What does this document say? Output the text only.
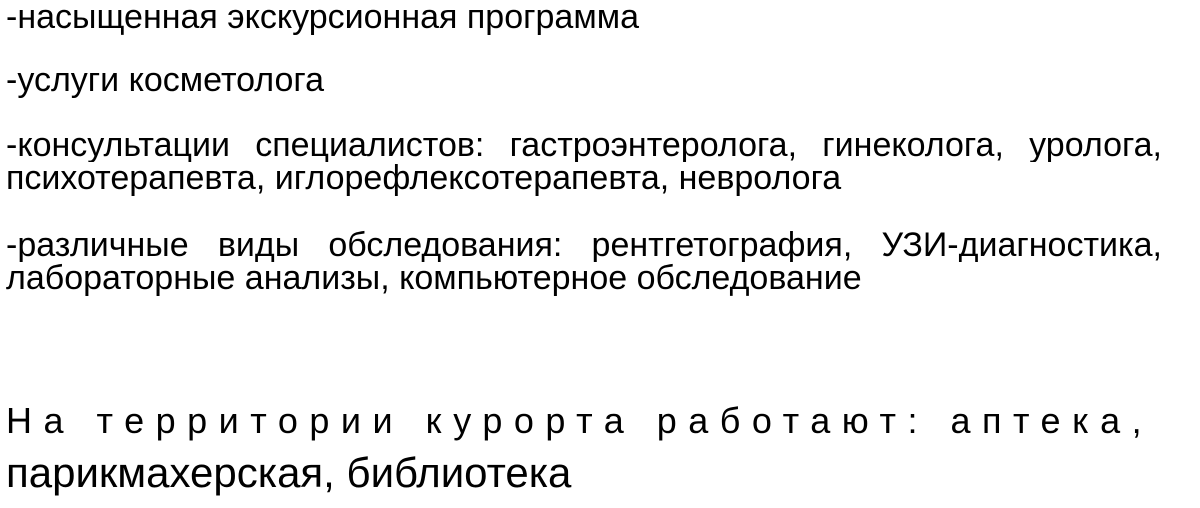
-насыщенная экскурсионная программа
-услуги косметолога
-консультации специалистов: гастроэнтеролога, гинеколога, уролога,
психотерапевта, иглорефлексотерапевта, невролога
-различные виды обследования: рентгетография, УЗИ-диагностика,
лабораторные анализы, компьютерное обследование
На территории курорта работают: аптека,
парикмахерская, библиотека
